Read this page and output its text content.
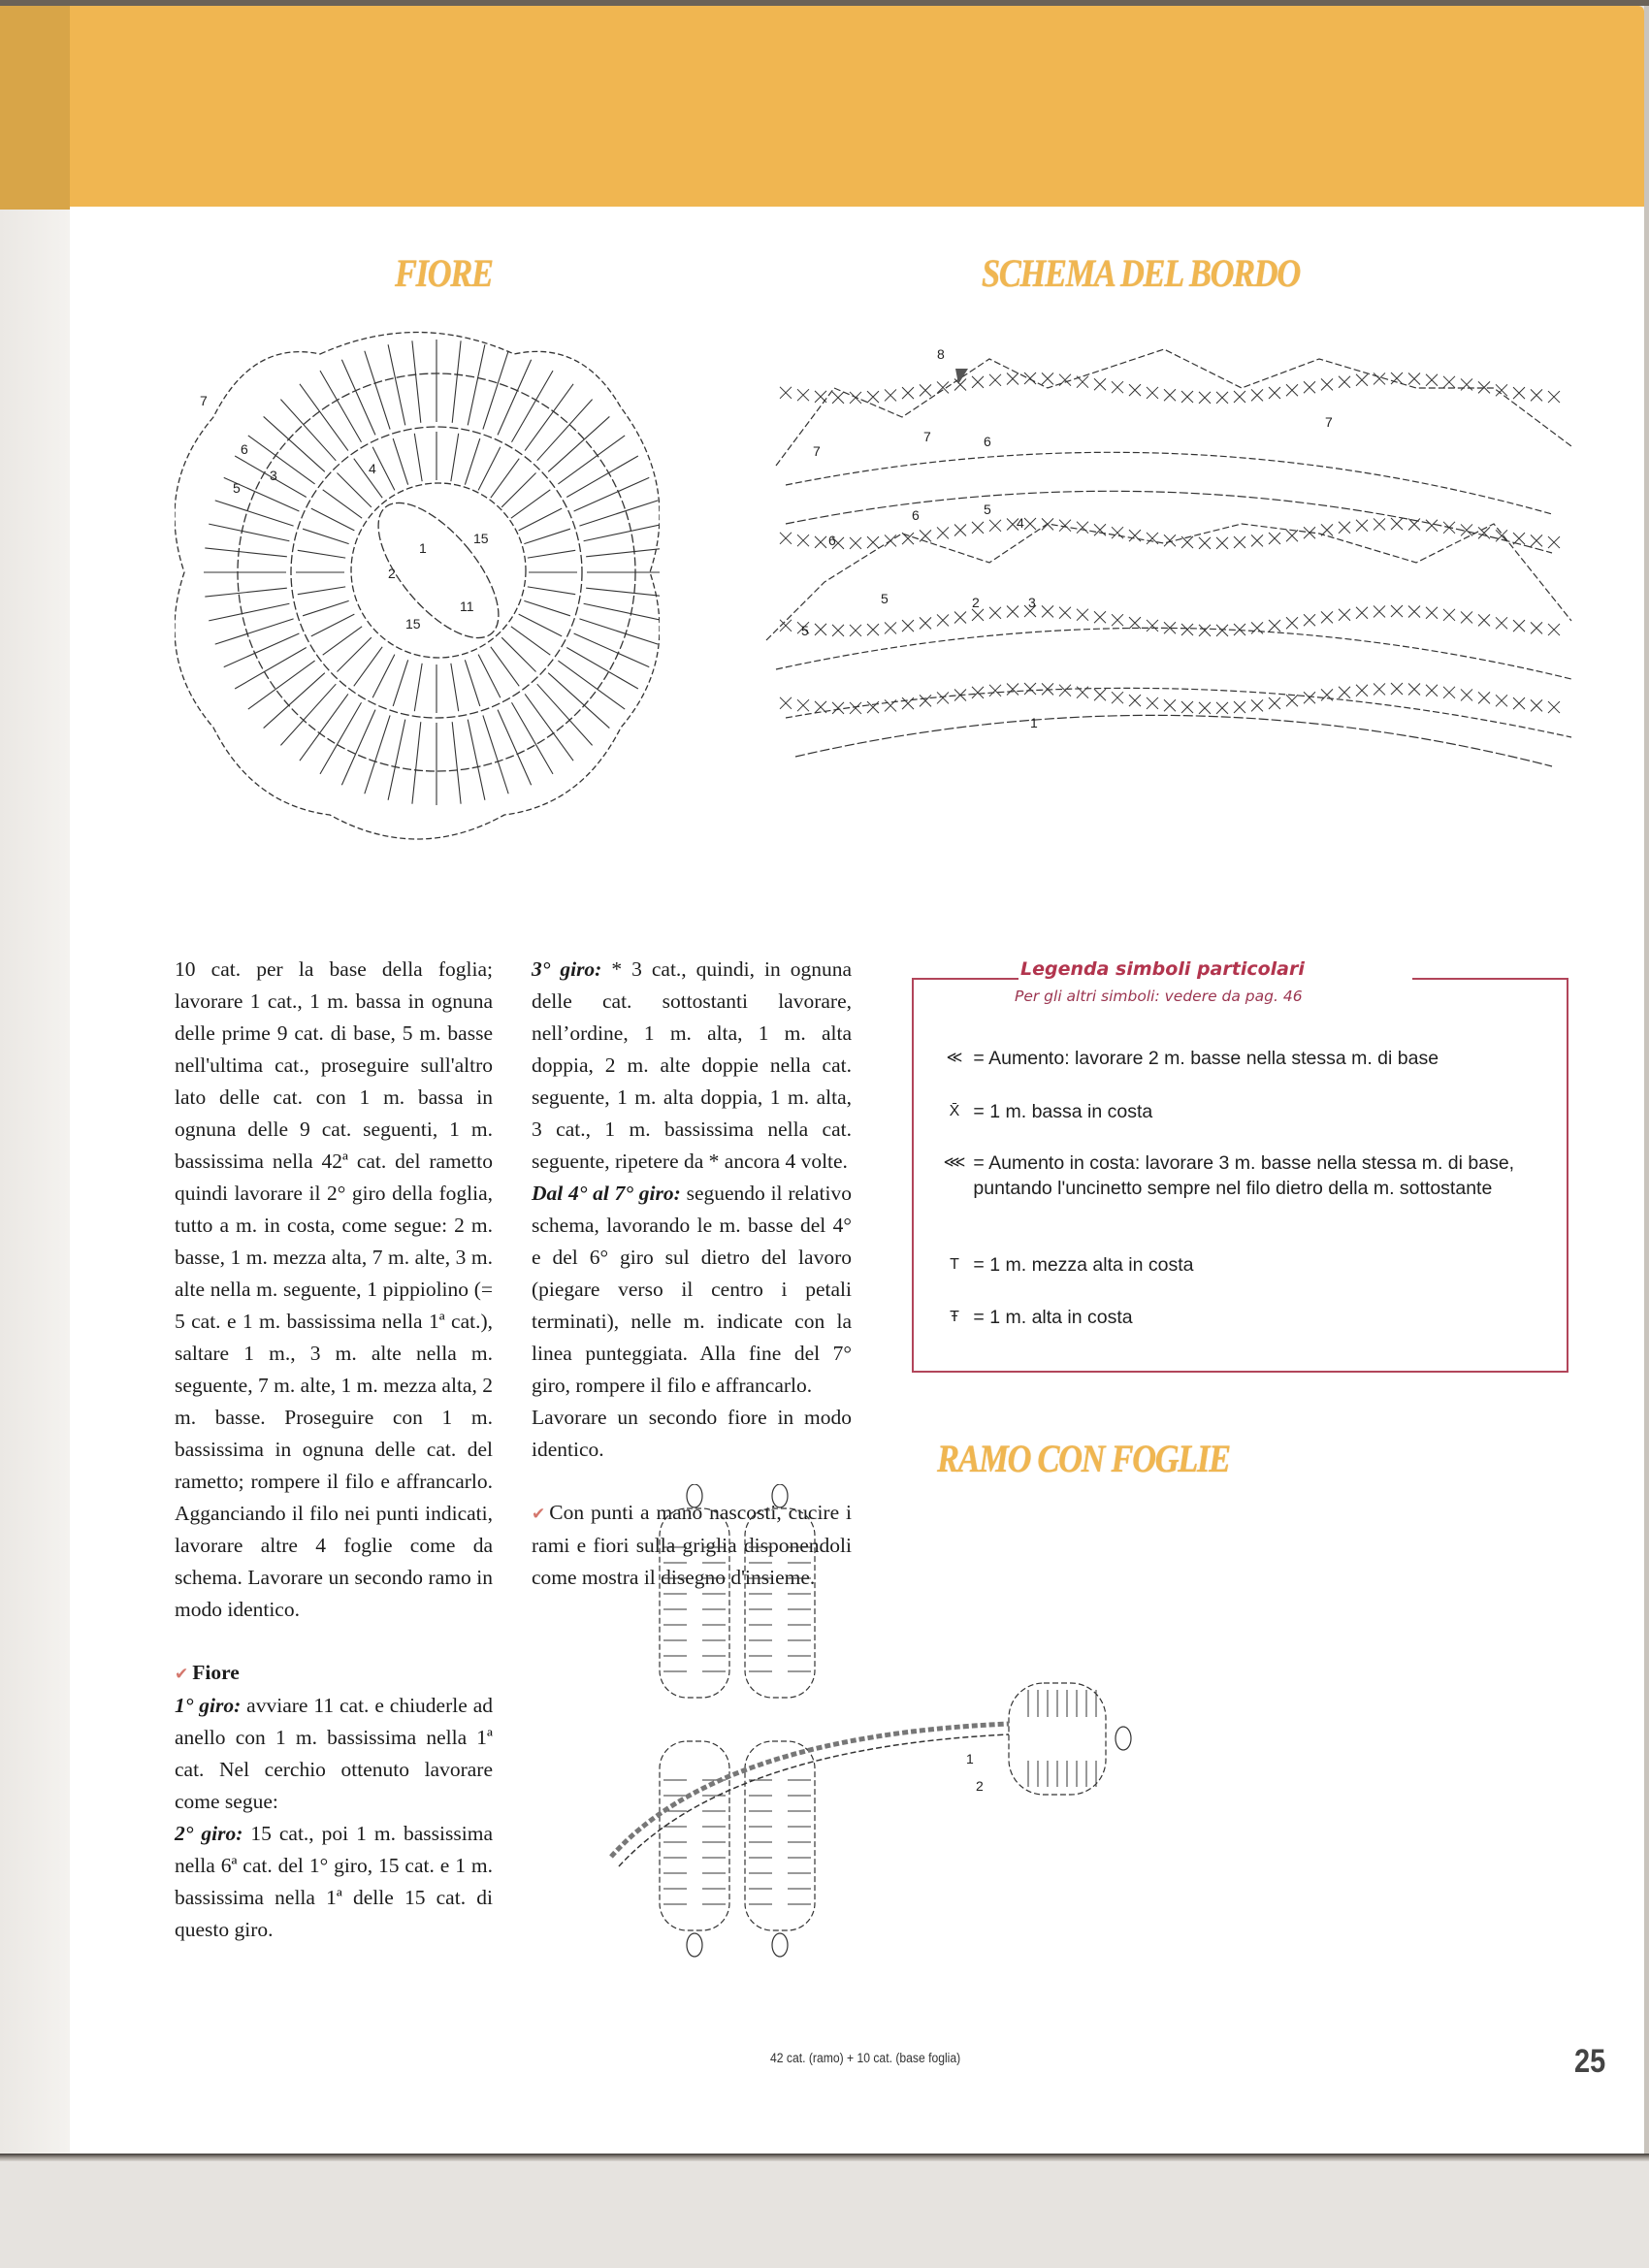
FIORE	SCHEMA DEL BORDO
RAMO CON FOGLIE
7
6
5
3	4
1
2
15
15
11
8
7	6
5
4
3
2
1
7
7
6
6
5
5

10 cat. per la base della foglia; lavorare 1 cat., 1 m. bassa in ognuna delle prime 9 cat. di base, 5 m. basse nell'ultima cat., proseguire sull'altro lato delle cat. con 1 m. bassa in ognuna delle 9 cat. seguenti, 1 m. bassissima nella 42ª cat. del rametto quindi lavorare il 2° giro della foglia, tutto a m. in costa, come segue: 2 m. basse, 1 m. mezza alta, 7 m. alte, 3 m. alte nella m. seguente, 1 pippiolino (= 5 cat. e 1 m. bassissima nella 1ª cat.), saltare 1 m., 3 m. alte nella m. seguente, 7 m. alte, 1 m. mezza alta, 2 m. basse. Proseguire con 1 m. bassissima in ognuna delle cat. del rametto; rompere il filo e affrancarlo. Agganciando il filo nei punti indicati, lavorare altre 4 foglie come da schema. Lavorare un secondo ramo in modo identico.

✔ Fiore

1° giro: avviare 11 cat. e chiuderle ad anello con 1 m. bassissima nella 1ª cat. Nel cerchio ottenuto lavorare come segue:

2° giro: 15 cat., poi 1 m. bassissima nella 6ª cat. del 1° giro, 15 cat. e 1 m. bassissima nella 1ª delle 15 cat. di questo giro.

3° giro: * 3 cat., quindi, in ognuna delle cat. sottostanti lavorare, nell’ordine, 1 m. alta, 1 m. alta doppia, 2 m. alte doppie nella cat. seguente, 1 m. alta doppia, 1 m. alta, 3 cat., 1 m. bassissima nella cat. seguente, ripetere da * ancora 4 volte.

Dal 4° al 7° giro: seguendo il relativo schema, lavorando le m. basse del 4° e del 6° giro sul dietro del lavoro (piegare verso il centro i petali terminati), nelle m. indicate con la linea punteggiata. Alla fine del 7° giro, rompere il filo e affrancarlo.

Lavorare un secondo fiore in modo identico.

✔ Con punti a mano nascosti, cucire i rami e fiori sulla griglia disponendoli come mostra il disegno d'insieme.

Legenda simboli particolari
Per gli altri simboli: vedere da pag. 46
≪ = Aumento: lavorare 2 m. basse nella stessa m. di base
X̄ = 1 m. bassa in costa
⋘ = Aumento in costa: lavorare 3 m. basse nella stessa m. di base, puntando l'uncinetto sempre nel filo dietro della m. sottostante
T = 1 m. mezza alta in costa
Ŧ = 1 m. alta in costa
1
2
42 cat. (ramo) + 10 cat. (base foglia)	25
